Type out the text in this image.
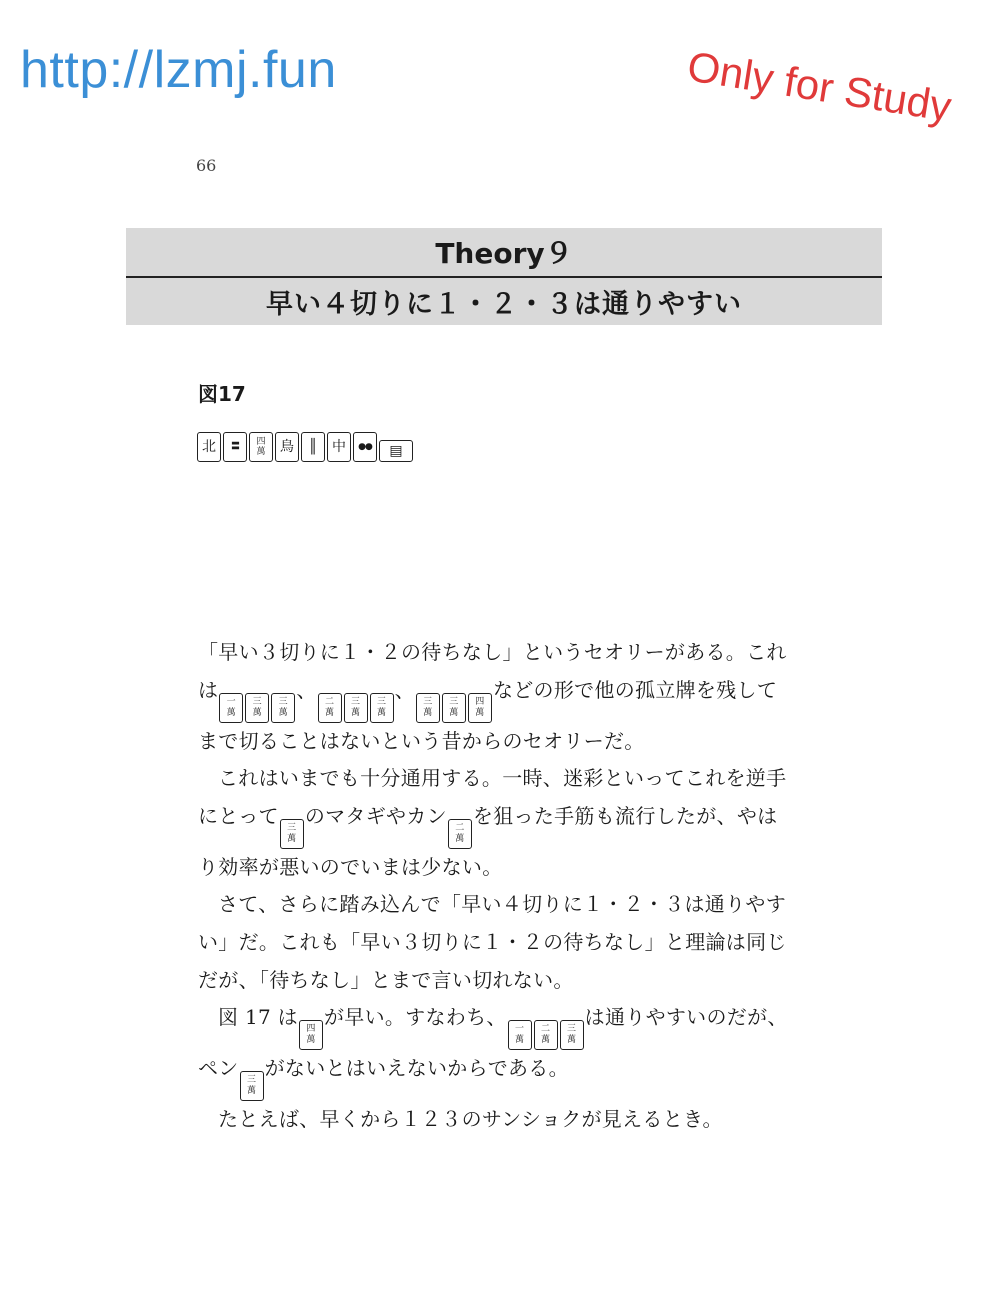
http://lzmj.fun	Only for Study
66
Theory９
早い４切りに１・２・３は通りやすい
図17
北	〓 四
萬	鳥	║	中	●●	▤

「早い３切りに１・２の待ちなし」というセオリーがある。これは 一
萬
三
萬
三
萬
、 二
萬
三
萬
三
萬
、 三
萬
三
萬
四
萬
などの形で他の孤立牌を残してまで切ることはないという昔からのセオリーだ。

これはいまでも十分通用する。一時、迷彩といってこれを逆手にとって 三
萬
のマタギやカン 二
萬
を狙った手筋も流行したが、やはり効率が悪いのでいまは少ない。

さて、さらに踏み込んで「早い４切りに１・２・３は通りやすい」だ。これも「早い３切りに１・２の待ちなし」と理論は同じだが、「待ちなし」とまで言い切れない。

図 17 は 四
萬
が早い。すなわち、 一
萬
二
萬
三
萬
は通りやすいのだが、ペン 三
萬
がないとはいえないからである。

たとえば、早くから１２３のサンショクが見えるとき。
